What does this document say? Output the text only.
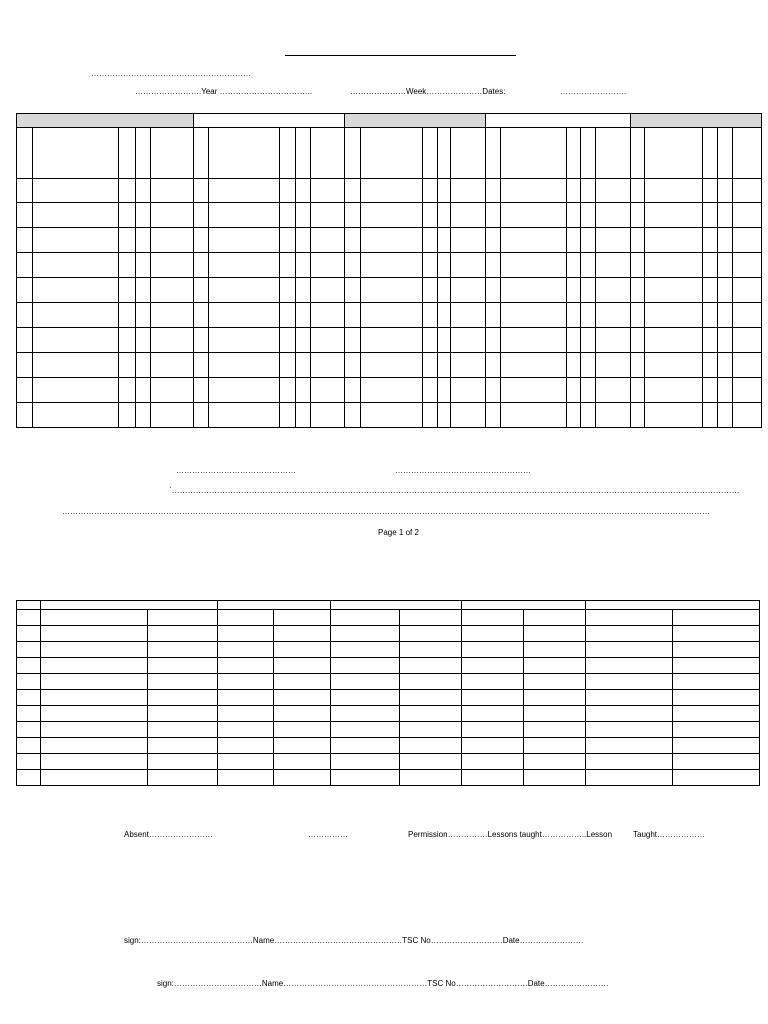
……………………………………………………
…………………….Year ……………………………..	…………………Week…………………Dates:	…………………….

………………………………………	……………………………………………
`……………………………………………………………………………………………………………………………………………………………………………………………
………………………………………………………………………………………………………………………………………………………………………………………………………………………
Page 1 of 2

Absent……………………	……………	Permission……………Lessons taught……………..Lesson	Taught………………
sign:……………………………………Name…………………………………………TSC No………………………Date……………………
sign:……………………………Name………………………………………………TSC No………………………Date……………………
